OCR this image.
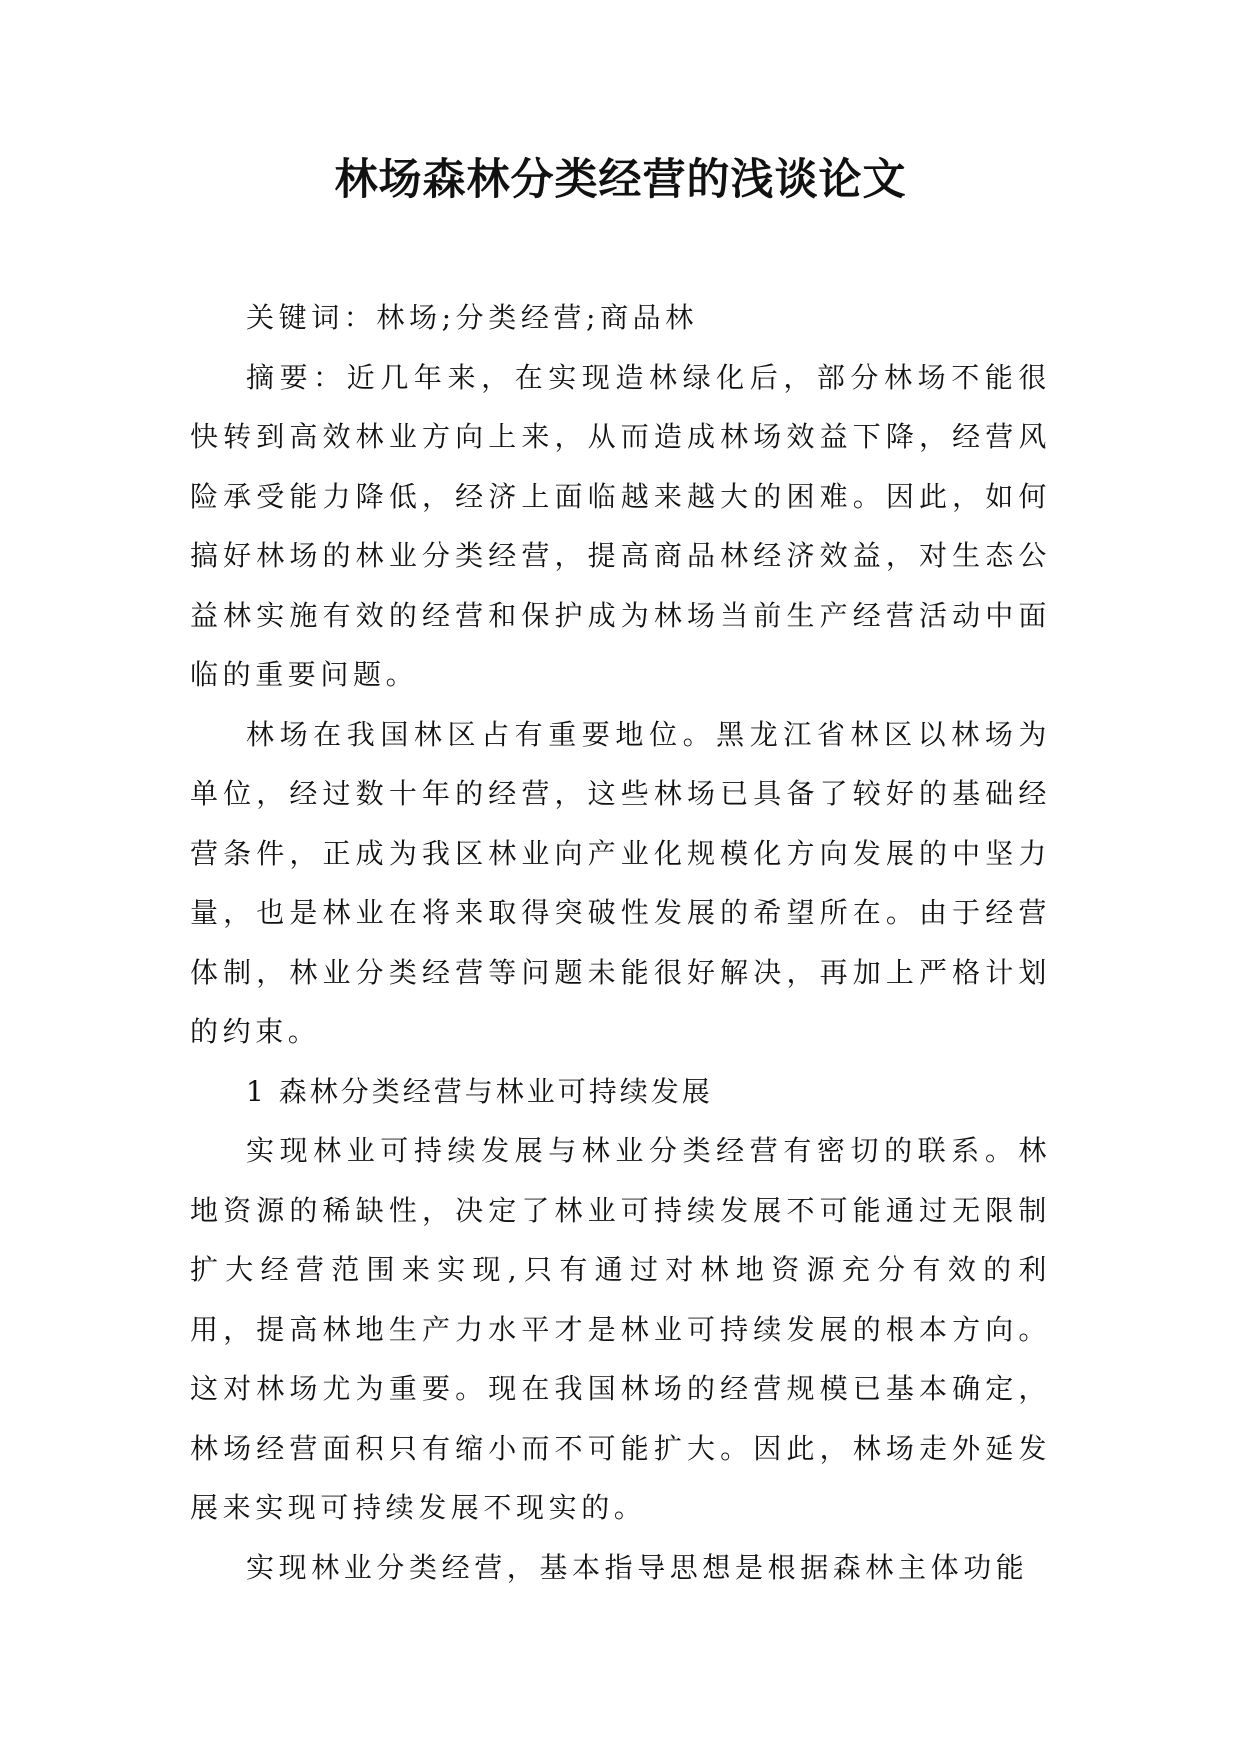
林场森林分类经营的浅谈论文

关键词：林场;分类经营;商品林

摘要：近几年来，在实现造林绿化后，部分林场不能很快转到高效林业方向上来，从而造成林场效益下降，经营风险承受能力降低，经济上面临越来越大的困难。因此，如何搞好林场的林业分类经营，提高商品林经济效益，对生态公益林实施有效的经营和保护成为林场当前生产经营活动中面临的重要问题。

林场在我国林区占有重要地位。黑龙江省林区以林场为单位，经过数十年的经营，这些林场已具备了较好的基础经营条件，正成为我区林业向产业化规模化方向发展的中坚力量，也是林业在将来取得突破性发展的希望所在。由于经营体制，林业分类经营等问题未能很好解决，再加上严格计划的约束。

1 森林分类经营与林业可持续发展

实现林业可持续发展与林业分类经营有密切的联系。林地资源的稀缺性，决定了林业可持续发展不可能通过无限制扩大经营范围来实现,只有通过对林地资源充分有效的利用，提高林地生产力水平才是林业可持续发展的根本方向。这对林场尤为重要。现在我国林场的经营规模已基本确定，林场经营面积只有缩小而不可能扩大。因此，林场走外延发展来实现可持续发展不现实的。

实现林业分类经营，基本指导思想是根据森林主体功能
